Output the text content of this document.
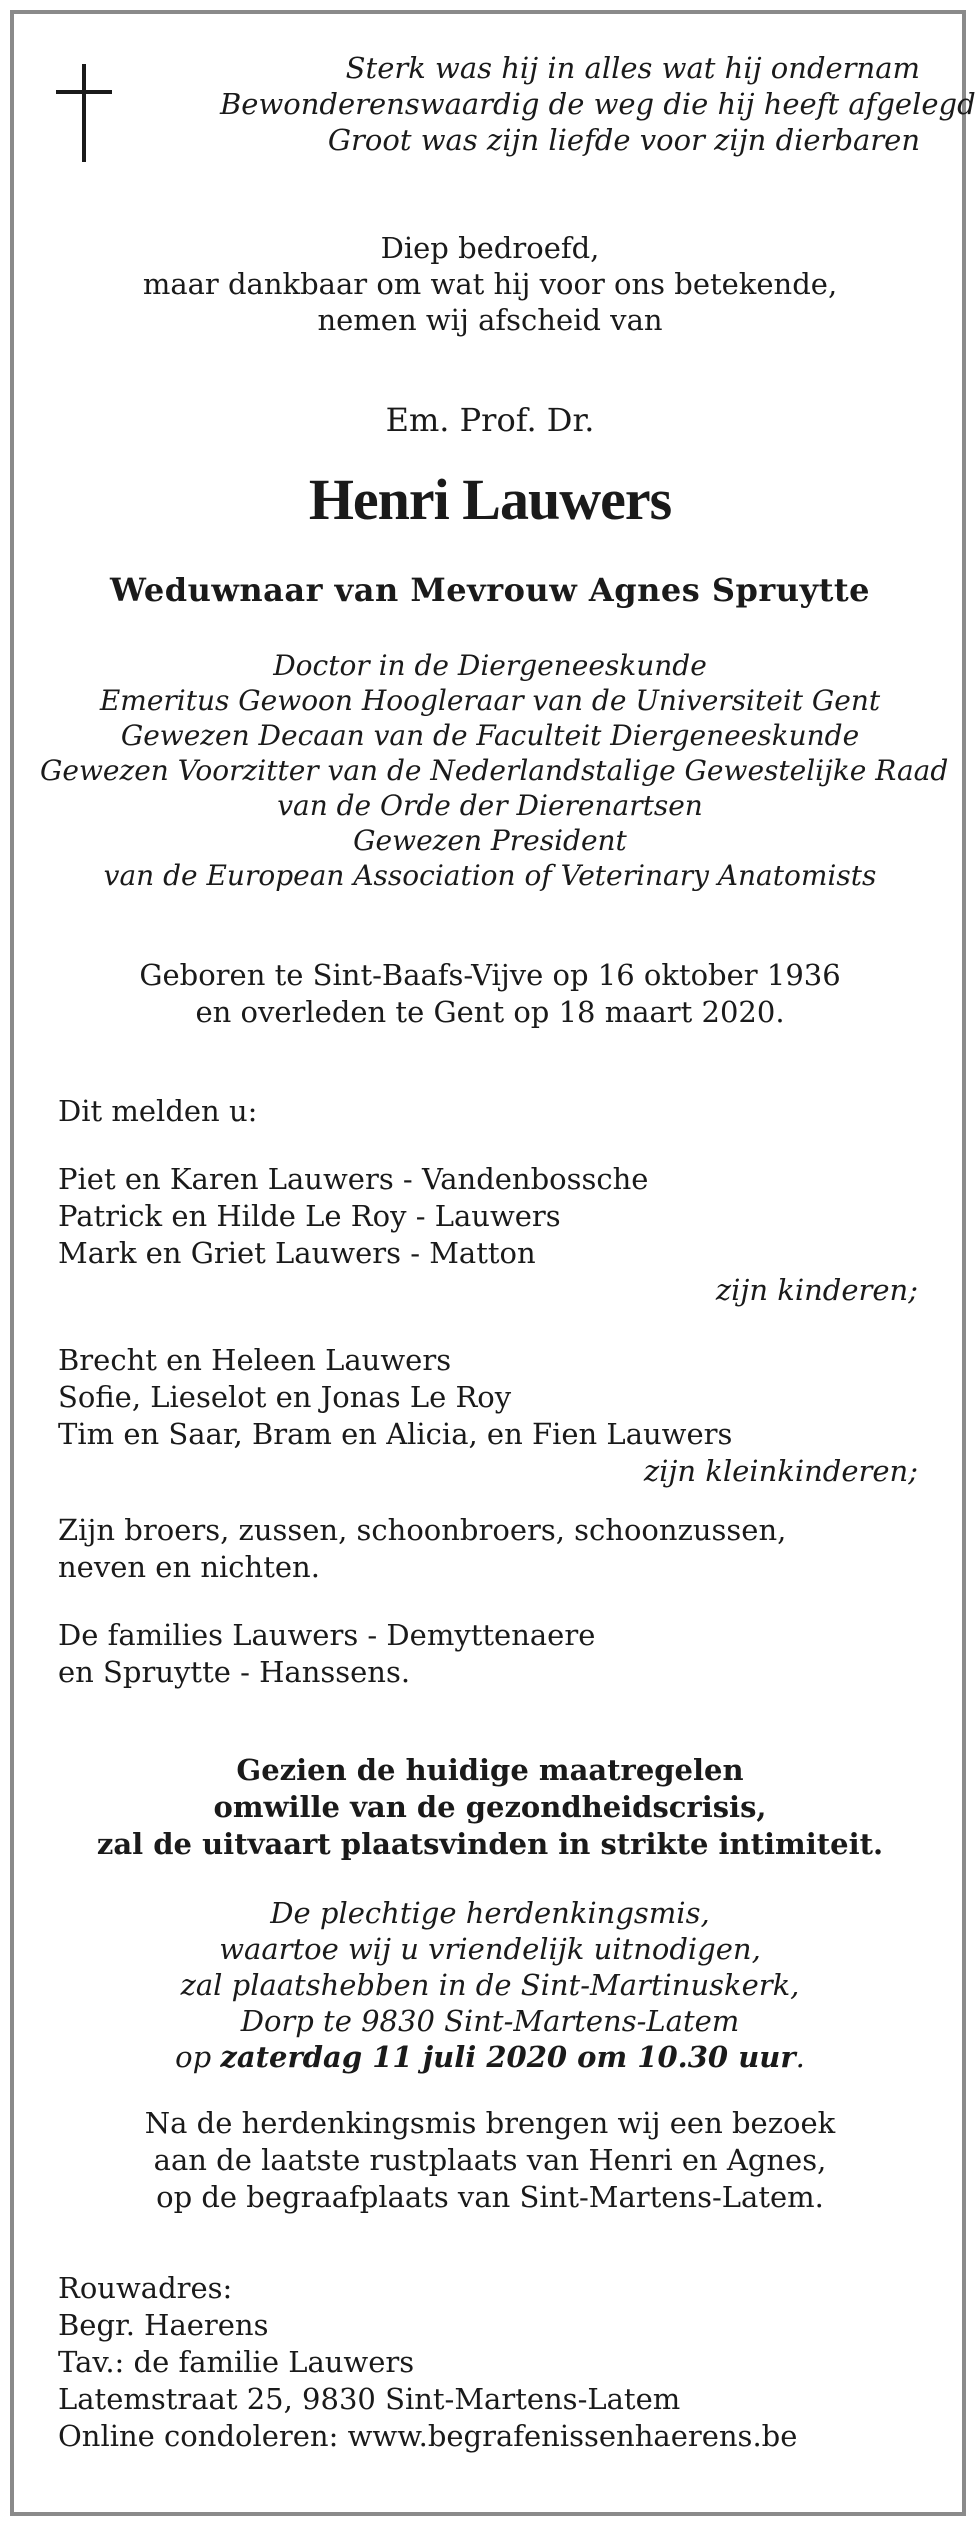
Sterk was hij in alles wat hij ondernam
Bewonderenswaardig de weg die hij heeft afgelegd
Groot was zijn liefde voor zijn dierbaren
Diep bedroefd,
maar dankbaar om wat hij voor ons betekende,
nemen wij afscheid van
Em. Prof. Dr.
Henri Lauwers
Weduwnaar van Mevrouw Agnes Spruytte
Doctor in de Diergeneeskunde
Emeritus Gewoon Hoogleraar van de Universiteit Gent
Gewezen Decaan van de Faculteit Diergeneeskunde
Gewezen Voorzitter van de Nederlandstalige Gewestelijke Raad
van de Orde der Dierenartsen
Gewezen President
van de European Association of Veterinary Anatomists
Geboren te Sint-Baafs-Vijve op 16 oktober 1936
en overleden te Gent op 18 maart 2020.
Dit melden u:
Piet en Karen Lauwers - Vandenbossche
Patrick en Hilde Le Roy - Lauwers
Mark en Griet Lauwers - Matton
zijn kinderen;
Brecht en Heleen Lauwers
Sofie, Lieselot en Jonas Le Roy
Tim en Saar, Bram en Alicia, en Fien Lauwers
zijn kleinkinderen;
Zijn broers, zussen, schoonbroers, schoonzussen,
neven en nichten.
De families Lauwers - Demyttenaere
en Spruytte - Hanssens.
Gezien de huidige maatregelen
omwille van de gezondheidscrisis,
zal de uitvaart plaatsvinden in strikte intimiteit.
De plechtige herdenkingsmis,
waartoe wij u vriendelijk uitnodigen,
zal plaatshebben in de Sint-Martinuskerk,
Dorp te 9830 Sint-Martens-Latem
op zaterdag 11 juli 2020 om 10.30 uur.
Na de herdenkingsmis brengen wij een bezoek
aan de laatste rustplaats van Henri en Agnes,
op de begraafplaats van Sint-Martens-Latem.
Rouwadres:
Begr. Haerens
Tav.: de familie Lauwers
Latemstraat 25, 9830 Sint-Martens-Latem
Online condoleren: www.begrafenissenhaerens.be
